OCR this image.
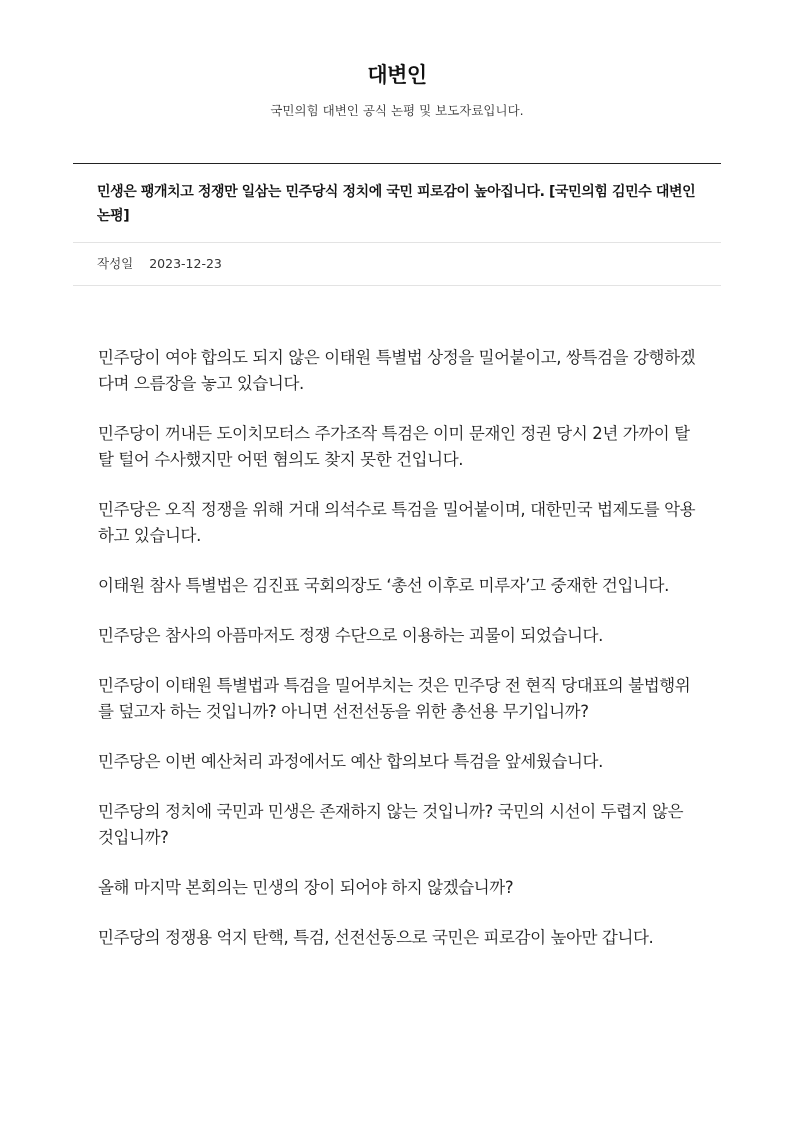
대변인
국민의힘 대변인 공식 논평 및 보도자료입니다.
민생은 팽개치고 정쟁만 일삼는 민주당식 정치에 국민 피로감이 높아집니다. [국민의힘 김민수 대변인 논평]
작성일 2023-12-23

민주당이 여야 합의도 되지 않은 이태원 특별법 상정을 밀어붙이고, 쌍특검을 강행하겠다며 으름장을 놓고 있습니다.

민주당이 꺼내든 도이치모터스 주가조작 특검은 이미 문재인 정권 당시 2년 가까이 탈탈 털어 수사했지만 어떤 혐의도 찾지 못한 건입니다.

민주당은 오직 정쟁을 위해 거대 의석수로 특검을 밀어붙이며, 대한민국 법제도를 악용하고 있습니다.

이태원 참사 특별법은 김진표 국회의장도 ‘총선 이후로 미루자’고 중재한 건입니다.

민주당은 참사의 아픔마저도 정쟁 수단으로 이용하는 괴물이 되었습니다.

민주당이 이태원 특별법과 특검을 밀어부치는 것은 민주당 전 현직 당대표의 불법행위를 덮고자 하는 것입니까? 아니면 선전선동을 위한 총선용 무기입니까?

민주당은 이번 예산처리 과정에서도 예산 합의보다 특검을 앞세웠습니다.

민주당의 정치에 국민과 민생은 존재하지 않는 것입니까? 국민의 시선이 두렵지 않은 것입니까?

올해 마지막 본회의는 민생의 장이 되어야 하지 않겠습니까?

민주당의 정쟁용 억지 탄핵, 특검, 선전선동으로 국민은 피로감이 높아만 갑니다.
